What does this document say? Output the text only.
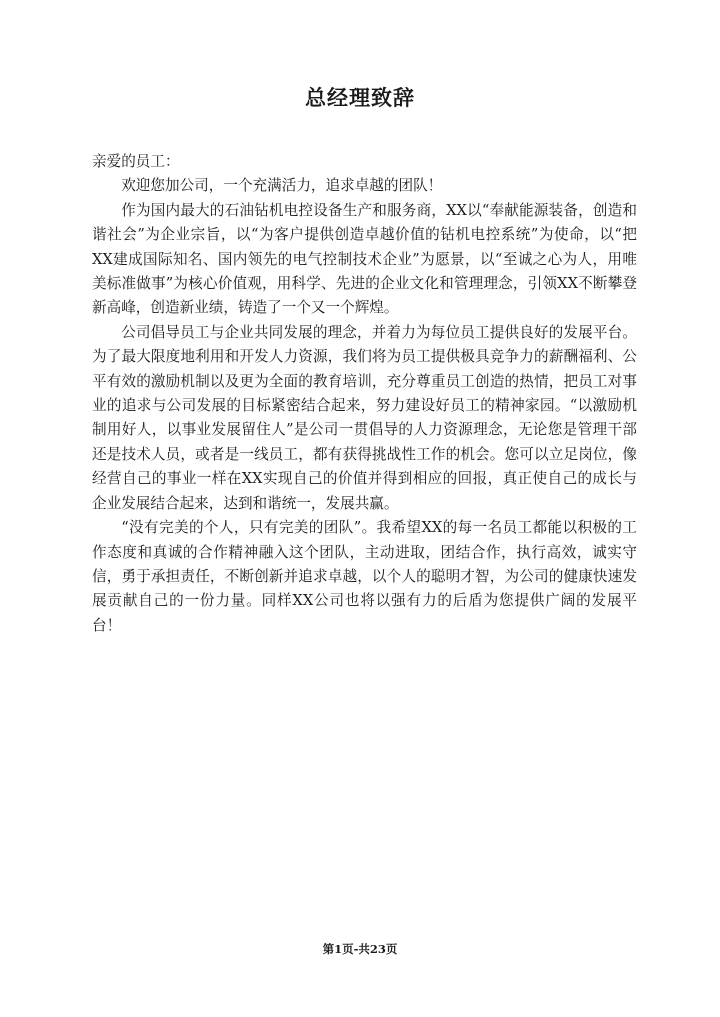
总经理致辞

亲爱的员工：

欢迎您加公司，一个充满活力，追求卓越的团队！

作为国内最大的石油钻机电控设备生产和服务商，XX以“奉献能源装备，创造和谐社会”为企业宗旨，以“为客户提供创造卓越价值的钻机电控系统”为使命，以“把XX建成国际知名、国内领先的电气控制技术企业”为愿景，以“至诚之心为人，用唯美标准做事”为核心价值观，用科学、先进的企业文化和管理理念，引领XX不断攀登新高峰，创造新业绩，铸造了一个又一个辉煌。

公司倡导员工与企业共同发展的理念，并着力为每位员工提供良好的发展平台。为了最大限度地利用和开发人力资源，我们将为员工提供极具竞争力的薪酬福利、公平有效的激励机制以及更为全面的教育培训，充分尊重员工创造的热情，把员工对事业的追求与公司发展的目标紧密结合起来，努力建设好员工的精神家园。“以激励机制用好人，以事业发展留住人”是公司一贯倡导的人力资源理念，无论您是管理干部还是技术人员，或者是一线员工，都有获得挑战性工作的机会。您可以立足岗位，像经营自己的事业一样在XX实现自己的价值并得到相应的回报，真正使自己的成长与企业发展结合起来，达到和谐统一，发展共赢。

“没有完美的个人，只有完美的团队”。我希望XX的每一名员工都能以积极的工作态度和真诚的合作精神融入这个团队，主动进取，团结合作，执行高效，诚实守信，勇于承担责任，不断创新并追求卓越，以个人的聪明才智，为公司的健康快速发展贡献自己的一份力量。同样XX公司也将以强有力的后盾为您提供广阔的发展平台！

第1页-共23页
